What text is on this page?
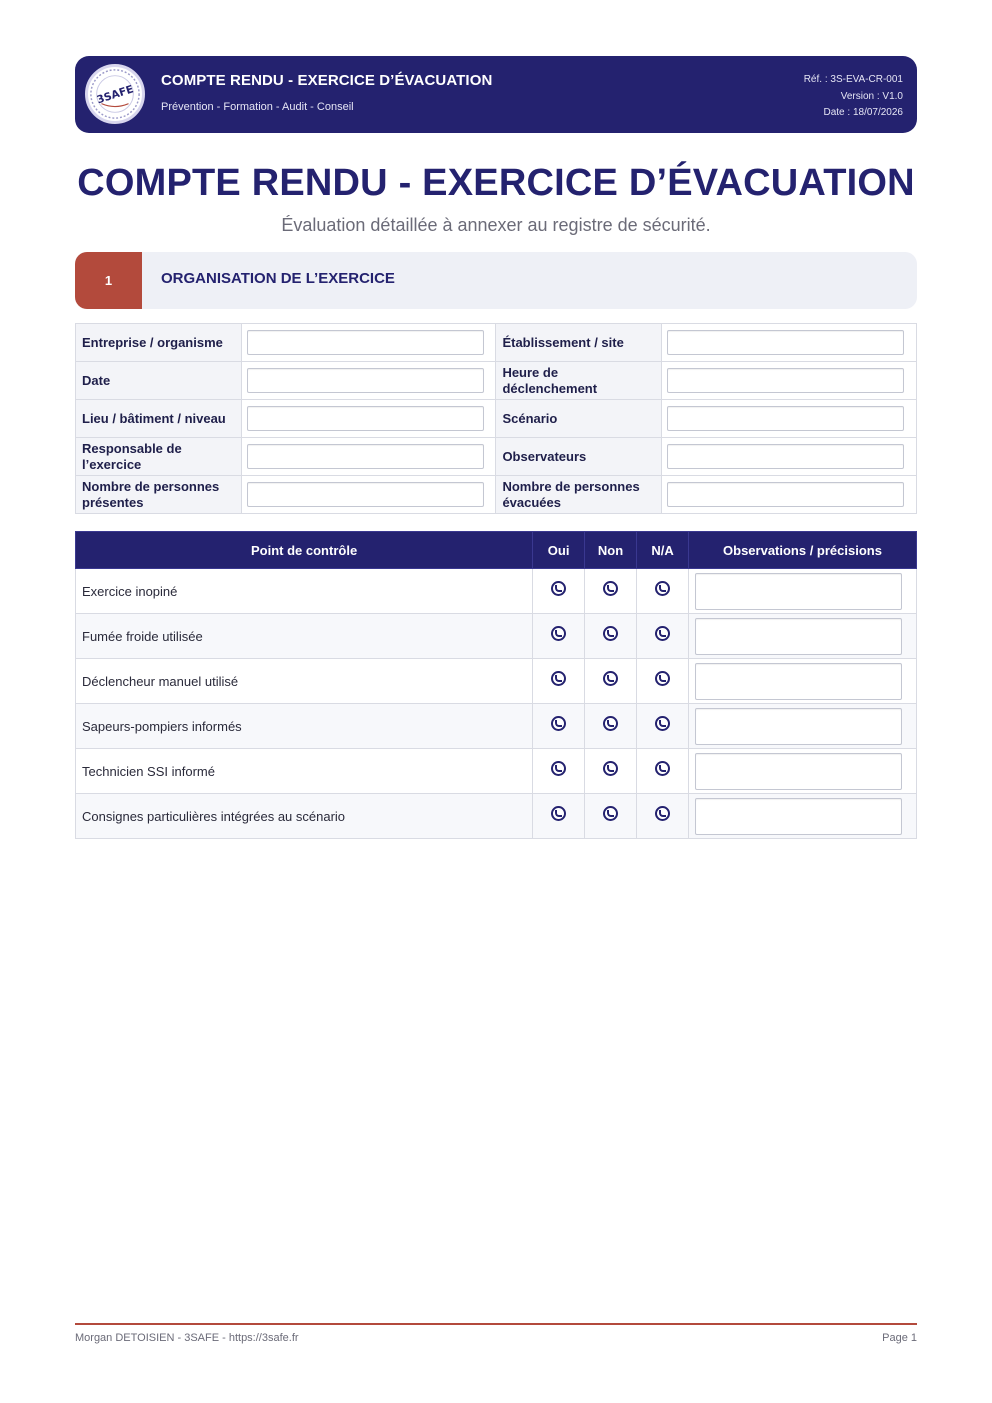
3SAFE
COMPTE RENDU - EXERCICE D’ÉVACUATION
Prévention - Formation - Audit - Conseil
Réf. : 3S-EVA-CR-001
Version : V1.0
Date : 18/07/2026
COMPTE RENDU - EXERCICE D’ÉVACUATION
Évaluation détaillée à annexer au registre de sécurité.
1	ORGANISATION DE L’EXERCICE
Entreprise / organisme		Établissement / site	

Date		Heure de déclenchement	

Lieu / bâtiment / niveau		Scénario	

Responsable de l’exercice		Observateurs	

Nombre de personnes présentes		Nombre de personnes évacuées	
Point de contrôle	Oui	Non	N/A	Observations / précisions
Exercice inopiné				

Fumée froide utilisée				

Déclencheur manuel utilisé				

Sapeurs-pompiers informés				

Technicien SSI informé				

Consignes particulières intégrées au scénario				
Morgan DETOISIEN - 3SAFE - https://3safe.fr	Page 1
